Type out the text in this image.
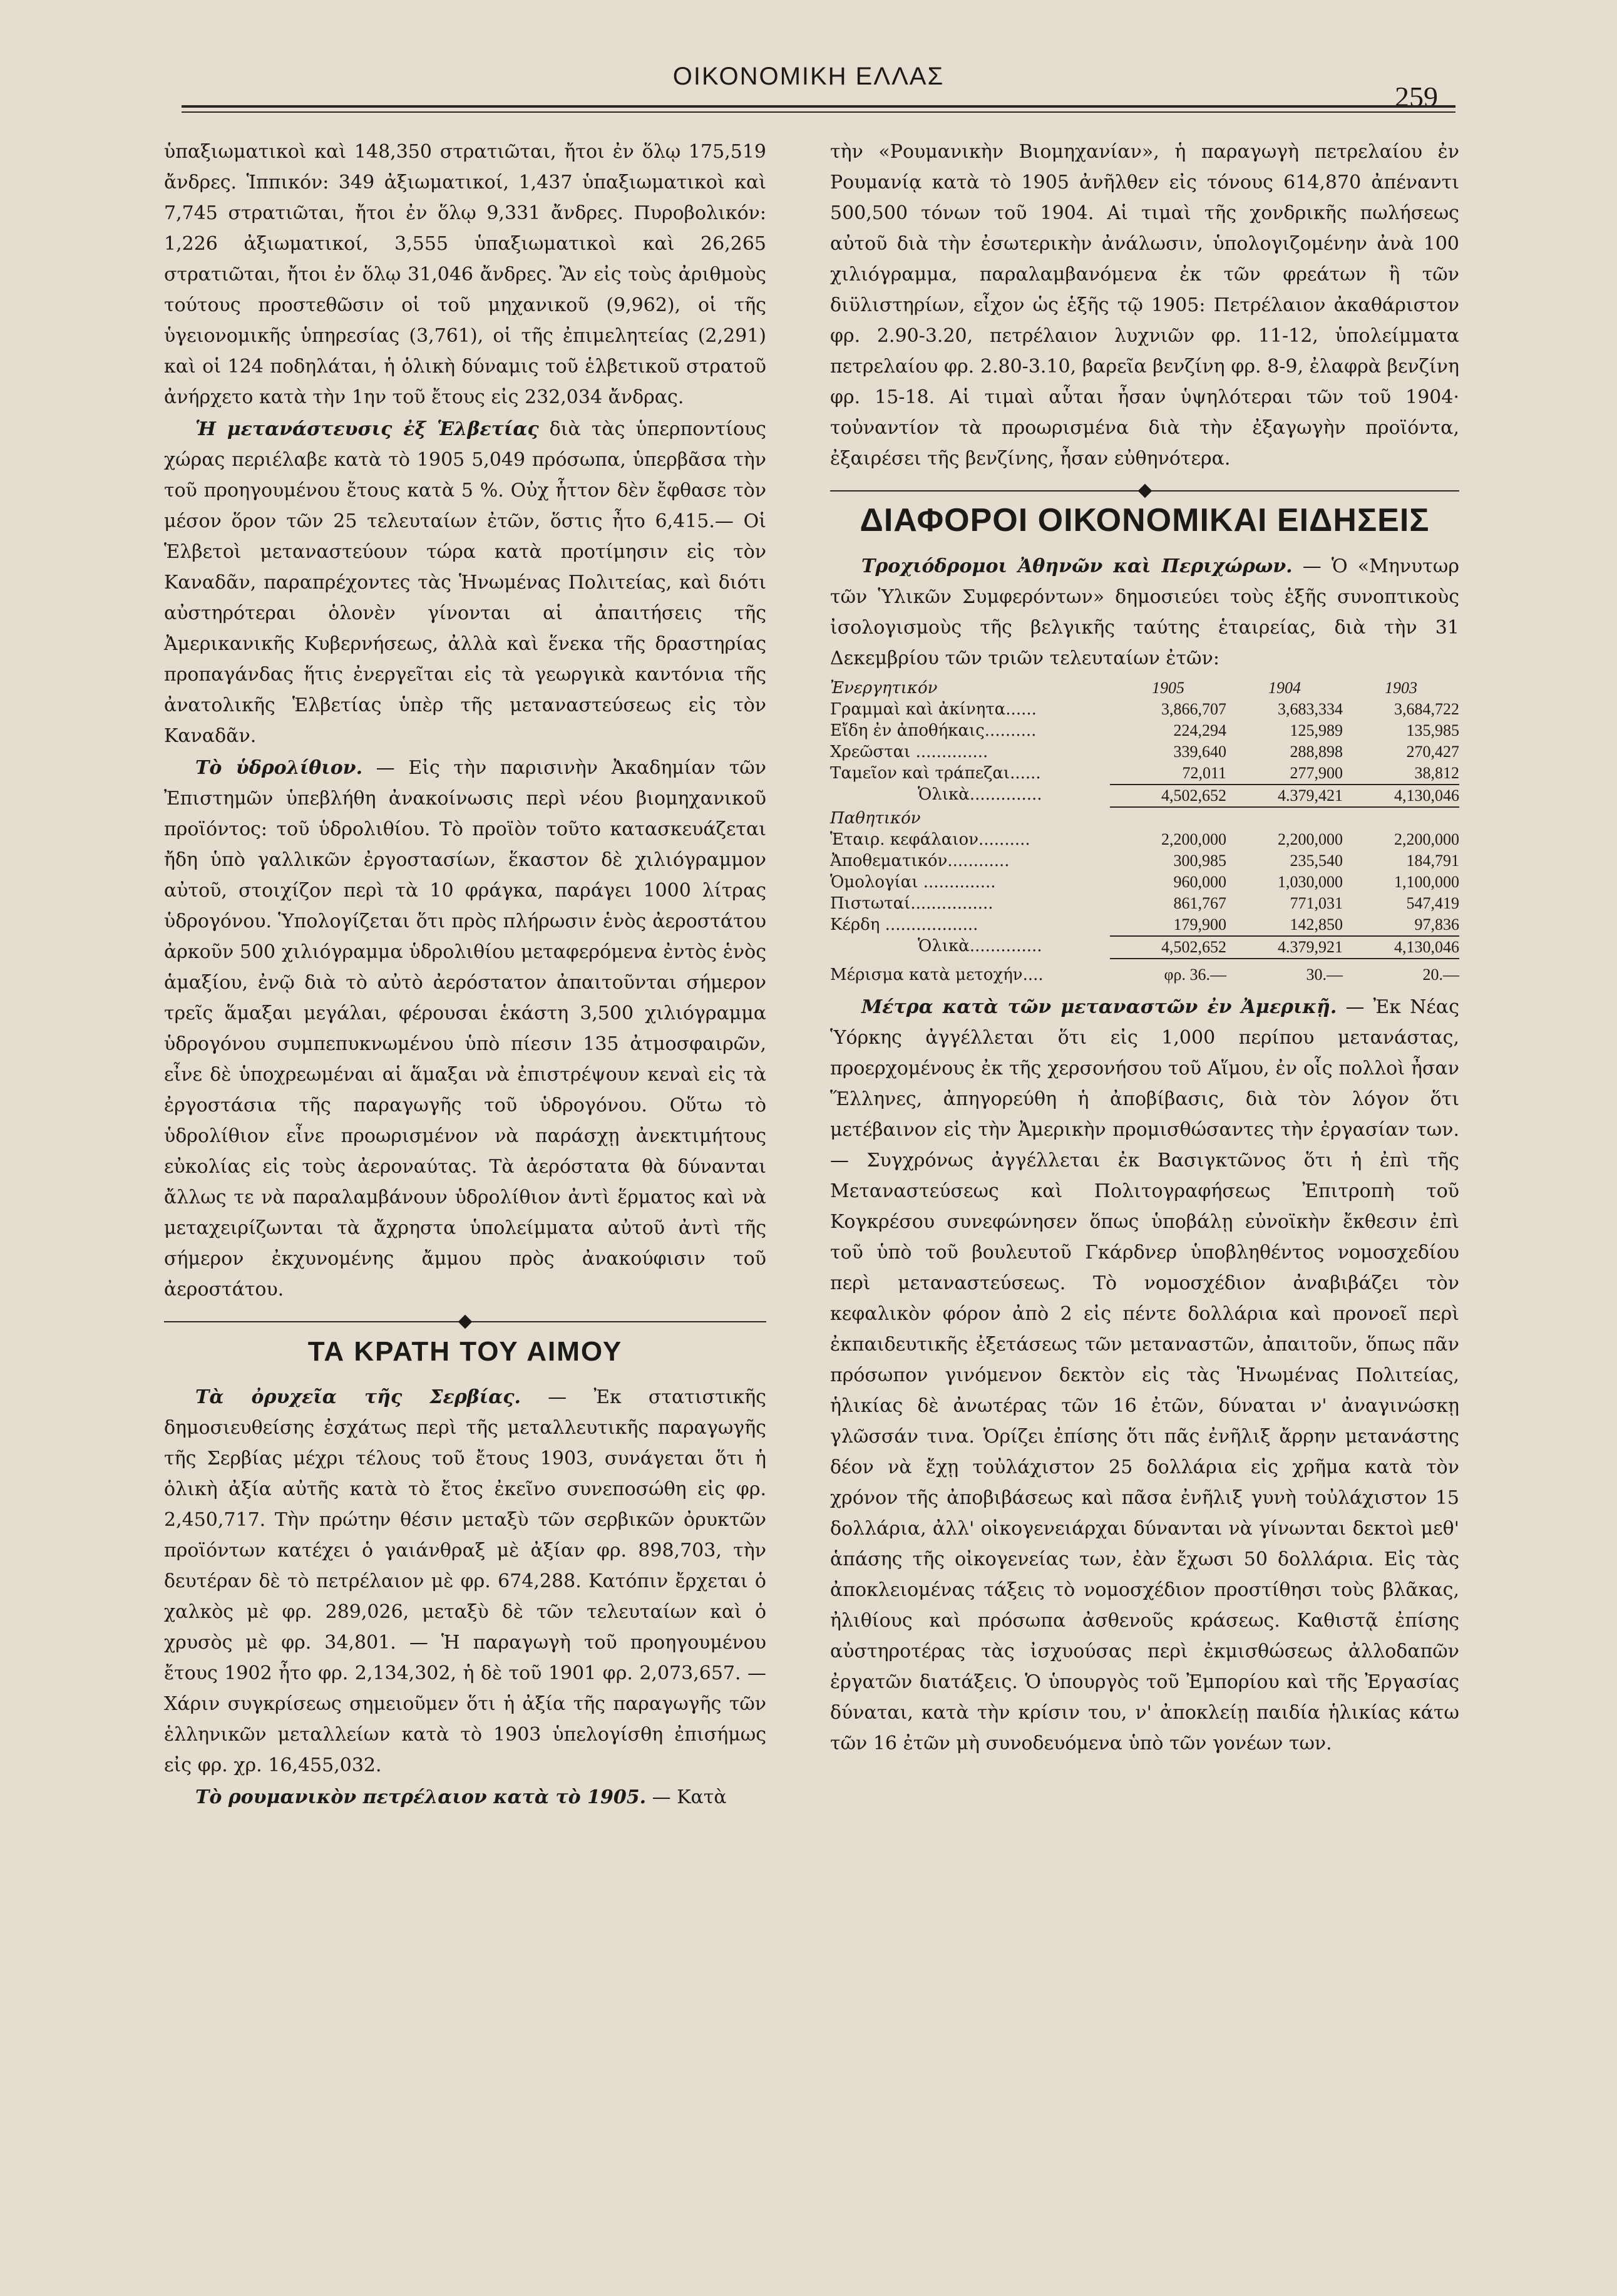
ΟΙΚΟΝΟΜΙΚΗ ΕΛΛΑΣ
259

ὑπαξιωματικοὶ καὶ 148,350 στρατιῶται, ἤτοι ἐν ὅλῳ 175,519 ἄνδρες. Ἱππικόν: 349 ἀξιωματικοί, 1,437 ὑπαξιωματικοὶ καὶ 7,745 στρατιῶται, ἤτοι ἐν ὅλῳ 9,331 ἄνδρες. Πυροβολικόν: 1,226 ἀξιωματικοί, 3,555 ὑπαξιωματικοὶ καὶ 26,265 στρατιῶται, ἤτοι ἐν ὅλῳ 31,046 ἄνδρες. Ἂν εἰς τοὺς ἀριθμοὺς τούτους προστεθῶσιν οἱ τοῦ μηχανικοῦ (9,962), οἱ τῆς ὑγειονομικῆς ὑπηρεσίας (3,761), οἱ τῆς ἐπιμελητείας (2,291) καὶ οἱ 124 ποδηλάται, ἡ ὁλικὴ δύναμις τοῦ ἑλβετικοῦ στρατοῦ ἀνήρχετο κατὰ τὴν 1ην τοῦ ἔτους εἰς 232,034 ἄνδρας.

Ἡ μετανάστευσις ἐξ Ἑλβετίας διὰ τὰς ὑπερποντίους χώρας περιέλαβε κατὰ τὸ 1905 5,049 πρόσωπα, ὑπερβᾶσα τὴν τοῦ προηγουμένου ἔτους κατὰ 5 %. Οὐχ ἧττον δὲν ἔφθασε τὸν μέσον ὅρον τῶν 25 τελευταίων ἐτῶν, ὅστις ἦτο 6,415.— Οἱ Ἑλβετοὶ μεταναστεύουν τώρα κατὰ προτίμησιν εἰς τὸν Καναδᾶν, παραπρέχοντες τὰς Ἡνωμένας Πολιτείας, καὶ διότι αὐστηρότεραι ὁλονὲν γίνονται αἱ ἀπαιτήσεις τῆς Ἀμερικανικῆς Κυβερνήσεως, ἀλλὰ καὶ ἕνεκα τῆς δραστηρίας προπαγάνδας ἥτις ἐνεργεῖται εἰς τὰ γεωργικὰ καντόνια τῆς ἀνατολικῆς Ἑλβετίας ὑπὲρ τῆς μεταναστεύσεως εἰς τὸν Καναδᾶν.

Τὸ ὑδρολίθιον. — Εἰς τὴν παρισινὴν Ἀκαδημίαν τῶν Ἐπιστημῶν ὑπεβλήθη ἀνακοίνωσις περὶ νέου βιομηχανικοῦ προϊόντος: τοῦ ὑδρολιθίου. Τὸ προϊὸν τοῦτο κατασκευάζεται ἤδη ὑπὸ γαλλικῶν ἐργοστασίων, ἕκαστον δὲ χιλιόγραμμον αὐτοῦ, στοιχίζον περὶ τὰ 10 φράγκα, παράγει 1000 λίτρας ὑδρογόνου. Ὑπολογίζεται ὅτι πρὸς πλήρωσιν ἑνὸς ἀεροστάτου ἀρκοῦν 500 χιλιόγραμμα ὑδρολιθίου μεταφερόμενα ἐντὸς ἑνὸς ἁμαξίου, ἐνῷ διὰ τὸ αὐτὸ ἀερόστατον ἀπαιτοῦνται σήμερον τρεῖς ἅμαξαι μεγάλαι, φέρουσαι ἑκάστη 3,500 χιλιόγραμμα ὑδρογόνου συμπεπυκνωμένου ὑπὸ πίεσιν 135 ἀτμοσφαιρῶν, εἶνε δὲ ὑποχρεωμέναι αἱ ἅμαξαι νὰ ἐπιστρέψουν κεναὶ εἰς τὰ ἐργοστάσια τῆς παραγωγῆς τοῦ ὑδρογόνου. Οὕτω τὸ ὑδρολίθιον εἶνε προωρισμένον νὰ παράσχῃ ἀνεκτιμήτους εὐκολίας εἰς τοὺς ἀεροναύτας. Τὰ ἀερόστατα θὰ δύνανται ἄλλως τε νὰ παραλαμβάνουν ὑδρολίθιον ἀντὶ ἕρματος καὶ νὰ μεταχειρίζωνται τὰ ἄχρηστα ὑπολείμματα αὐτοῦ ἀντὶ τῆς σήμερον ἐκχυνομένης ἄμμου πρὸς ἀνακούφισιν τοῦ ἀεροστάτου.

ΤΑ ΚΡΑΤΗ ΤΟΥ ΑΙΜΟΥ

Τὰ ὀρυχεῖα τῆς Σερβίας. — Ἐκ στατιστικῆς δημοσιευθείσης ἐσχάτως περὶ τῆς μεταλλευτικῆς παραγωγῆς τῆς Σερβίας μέχρι τέλους τοῦ ἔτους 1903, συνάγεται ὅτι ἡ ὁλικὴ ἀξία αὐτῆς κατὰ τὸ ἔτος ἐκεῖνο συνεποσώθη εἰς φρ. 2,450,717. Τὴν πρώτην θέσιν μεταξὺ τῶν σερβικῶν ὀρυκτῶν προϊόντων κατέχει ὁ γαιάνθραξ μὲ ἀξίαν φρ. 898,703, τὴν δευτέραν δὲ τὸ πετρέλαιον μὲ φρ. 674,288. Κατόπιν ἔρχεται ὁ χαλκὸς μὲ φρ. 289,026, μεταξὺ δὲ τῶν τελευταίων καὶ ὁ χρυσὸς μὲ φρ. 34,801. — Ἡ παραγωγὴ τοῦ προηγουμένου ἔτους 1902 ἦτο φρ. 2,134,302, ἡ δὲ τοῦ 1901 φρ. 2,073,657. — Χάριν συγκρίσεως σημειοῦμεν ὅτι ἡ ἀξία τῆς παραγωγῆς τῶν ἑλληνικῶν μεταλλείων κατὰ τὸ 1903 ὑπελογίσθη ἐπισήμως εἰς φρ. χρ. 16,455,032.

Τὸ ρουμανικὸν πετρέλαιον κατὰ τὸ 1905. — Κατὰ

τὴν «Ρουμανικὴν Βιομηχανίαν», ἡ παραγωγὴ πετρελαίου ἐν Ρουμανίᾳ κατὰ τὸ 1905 ἀνῆλθεν εἰς τόνους 614,870 ἀπέναντι 500,500 τόνων τοῦ 1904. Αἱ τιμαὶ τῆς χονδρικῆς πωλήσεως αὐτοῦ διὰ τὴν ἐσωτερικὴν ἀνάλωσιν, ὑπολογιζομένην ἀνὰ 100 χιλιόγραμμα, παραλαμβανόμενα ἐκ τῶν φρεάτων ἢ τῶν διϋλιστηρίων, εἶχον ὡς ἑξῆς τῷ 1905: Πετρέλαιον ἀκαθάριστον φρ. 2.90-3.20, πετρέλαιον λυχνιῶν φρ. 11-12, ὑπολείμματα πετρελαίου φρ. 2.80-3.10, βαρεῖα βενζίνη φρ. 8-9, ἐλαφρὰ βενζίνη φρ. 15-18. Αἱ τιμαὶ αὗται ἦσαν ὑψηλότεραι τῶν τοῦ 1904· τοὐναντίον τὰ προωρισμένα διὰ τὴν ἐξαγωγὴν προϊόντα, ἐξαιρέσει τῆς βενζίνης, ἦσαν εὐθηνότερα.

ΔΙΑΦΟΡΟΙ ΟΙΚΟΝΟΜΙΚΑΙ ΕΙΔΗΣΕΙΣ

Τροχιόδρομοι Ἀθηνῶν καὶ Περιχώρων. — Ὁ «Μηνυτωρ τῶν Ὑλικῶν Συμφερόντων» δημοσιεύει τοὺς ἑξῆς συνοπτικοὺς ἰσολογισμοὺς τῆς βελγικῆς ταύτης ἑταιρείας, διὰ τὴν 31 Δεκεμβρίου τῶν τριῶν τελευταίων ἐτῶν:

Ἐνεργητικόν	1905	1904	1903
Γραμμαὶ καὶ ἀκίνητα......	3,866,707	3,683,334	3,684,722
Εἴδη ἐν ἀποθήκαις..........	224,294	125,989	135,985
Χρεῶσται ..............	339,640	288,898	270,427
Ταμεῖον καὶ τράπεζαι......	72,011	277,900	38,812
Ὁλικὰ..............	4,502,652	4.379,421	4,130,046
Παθητικόν
Ἑταιρ. κεφάλαιον..........	2,200,000	2,200,000	2,200,000
Ἀποθεματικόν............	300,985	235,540	184,791
Ὁμολογίαι ..............	960,000	1,030,000	1,100,000
Πιστωταί................	861,767	771,031	547,419
Κέρδη ..................	179,900	142,850	97,836
Ὁλικὰ..............	4,502,652	4.379,921	4,130,046
Μέρισμα κατὰ μετοχήν....	φρ. 36.—	30.—	20.—

Μέτρα κατὰ τῶν μεταναστῶν ἐν Ἀμερικῇ. — Ἐκ Νέας Ὑόρκης ἀγγέλλεται ὅτι εἰς 1,000 περίπου μετανάστας, προερχομένους ἐκ τῆς χερσονήσου τοῦ Αἵμου, ἐν οἷς πολλοὶ ἦσαν Ἕλληνες, ἀπηγορεύθη ἡ ἀποβίβασις, διὰ τὸν λόγον ὅτι μετέβαινον εἰς τὴν Ἀμερικὴν προμισθώσαντες τὴν ἐργασίαν των. — Συγχρόνως ἀγγέλλεται ἐκ Βασιγκτῶνος ὅτι ἡ ἐπὶ τῆς Μεταναστεύσεως καὶ Πολιτογραφήσεως Ἐπιτροπὴ τοῦ Κογκρέσου συνεφώνησεν ὅπως ὑποβάλῃ εὐνοϊκὴν ἔκθεσιν ἐπὶ τοῦ ὑπὸ τοῦ βουλευτοῦ Γκάρδνερ ὑποβληθέντος νομοσχεδίου περὶ μεταναστεύσεως. Τὸ νομοσχέδιον ἀναβιβάζει τὸν κεφαλικὸν φόρον ἀπὸ 2 εἰς πέντε δολλάρια καὶ προνοεῖ περὶ ἐκπαιδευτικῆς ἐξετάσεως τῶν μεταναστῶν, ἀπαιτοῦν, ὅπως πᾶν πρόσωπον γινόμενον δεκτὸν εἰς τὰς Ἡνωμένας Πολιτείας, ἡλικίας δὲ ἀνωτέρας τῶν 16 ἐτῶν, δύναται ν' ἀναγινώσκῃ γλῶσσάν τινα. Ὁρίζει ἐπίσης ὅτι πᾶς ἐνῆλιξ ἄρρην μετανάστης δέον νὰ ἔχῃ τοὐλάχιστον 25 δολλάρια εἰς χρῆμα κατὰ τὸν χρόνον τῆς ἀποβιβάσεως καὶ πᾶσα ἐνῆλιξ γυνὴ τοὐλάχιστον 15 δολλάρια, ἀλλ' οἰκογενειάρχαι δύνανται νὰ γίνωνται δεκτοὶ μεθ' ἁπάσης τῆς οἰκογενείας των, ἐὰν ἔχωσι 50 δολλάρια. Εἰς τὰς ἀποκλειομένας τάξεις τὸ νομοσχέδιον προστίθησι τοὺς βλᾶκας, ἠλιθίους καὶ πρόσωπα ἀσθενοῦς κράσεως. Καθιστᾷ ἐπίσης αὐστηροτέρας τὰς ἰσχυούσας περὶ ἐκμισθώσεως ἀλλοδαπῶν ἐργατῶν διατάξεις. Ὁ ὑπουργὸς τοῦ Ἐμπορίου καὶ τῆς Ἐργασίας δύναται, κατὰ τὴν κρίσιν του, ν' ἀποκλείῃ παιδία ἡλικίας κάτω τῶν 16 ἐτῶν μὴ συνοδευόμενα ὑπὸ τῶν γονέων των.
